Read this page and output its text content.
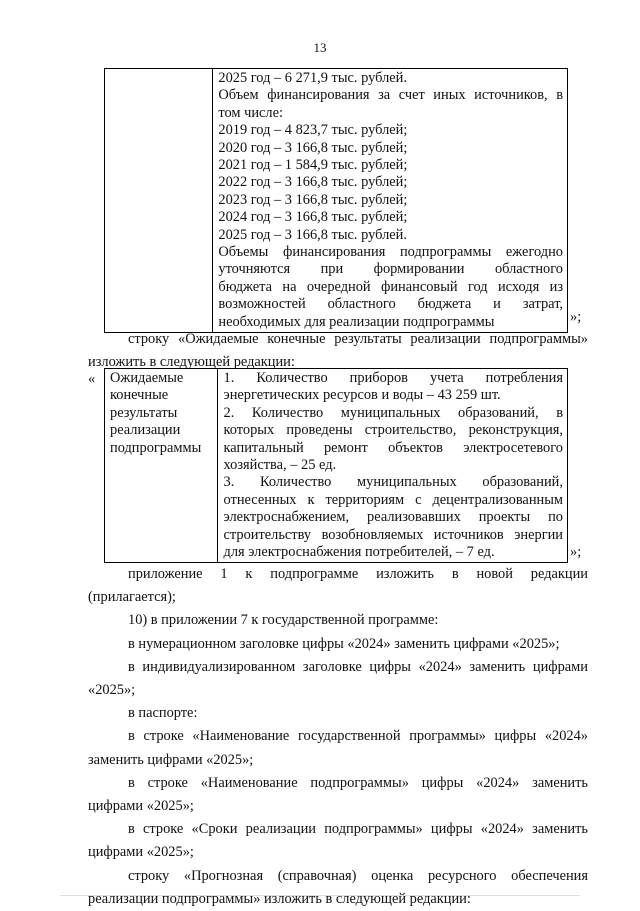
13

2025 год – 6 271,9 тыс. рублей.
Объем финансирования за счет иных источников, в
том числе:
2019 год – 4 823,7 тыс. рублей;
2020 год – 3 166,8 тыс. рублей;
2021 год – 1 584,9 тыс. рублей;
2022 год – 3 166,8 тыс. рублей;
2023 год – 3 166,8 тыс. рублей;
2024 год – 3 166,8 тыс. рублей;
2025 год – 3 166,8 тыс. рублей.
Объемы финансирования подпрограммы ежегодно
уточняются при формировании областного
бюджета на очередной финансовый год исходя из
возможностей областного бюджета и затрат,
необходимых для реализации подпрограммы	»;
строку «Ожидаемые конечные результаты реализации подпрограммы»
изложить в следующей редакции:
« Ожидаемые
конечные
результаты
реализации
подпрограммы

1. Количество приборов учета потребления
энергетических ресурсов и воды – 43 259 шт.
2. Количество муниципальных образований, в
которых проведены строительство, реконструкция,
капитальный ремонт объектов электросетевого
хозяйства, – 25 ед.
3. Количество муниципальных образований,
отнесенных к территориям с децентрализованным
электроснабжением, реализовавших проекты по
строительству возобновляемых источников энергии
для электроснабжения потребителей, – 7 ед.	»;
приложение 1 к подпрограмме изложить в новой редакции
(прилагается);
10) в приложении 7 к государственной программе:
в нумерационном заголовке цифры «2024» заменить цифрами «2025»;
в индивидуализированном заголовке цифры «2024» заменить цифрами
«2025»;
в паспорте:
в строке «Наименование государственной программы» цифры «2024»
заменить цифрами «2025»;
в строке «Наименование подпрограммы» цифры «2024» заменить
цифрами «2025»;
в строке «Сроки реализации подпрограммы» цифры «2024» заменить
цифрами «2025»;
строку «Прогнозная (справочная) оценка ресурсного обеспечения
реализации подпрограммы» изложить в следующей редакции:
